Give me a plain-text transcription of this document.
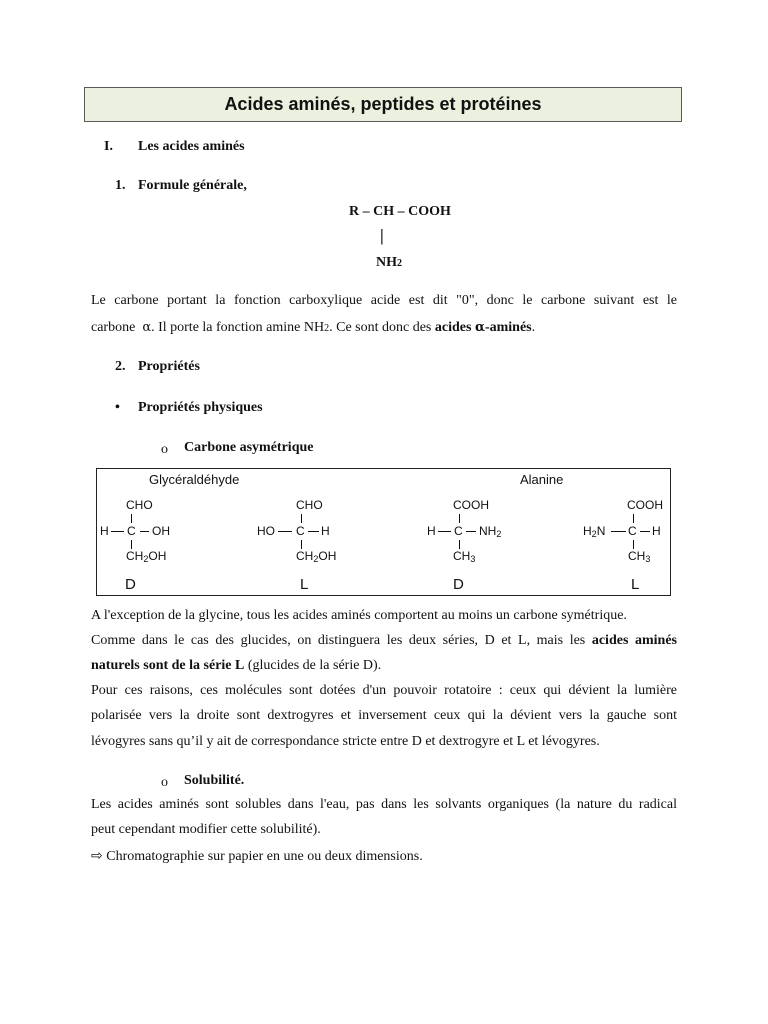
Acides aminés, peptides et protéines
I. Les acides aminés
1. Formule générale,
R – CH – COOH
|
NH2
Le carbone portant la fonction carboxylique acide est dit "0", donc le carbone suivant est le
carbone α. Il porte la fonction amine NH2. Ce sont donc des acides α-aminés.
2. Propriétés
• Propriétés physiques
o Carbone asymétrique
Glycéraldéhyde	Alanine
CHO
H C OH
$CH_2OH$
D
CHO
HO C H
$CH_2OH$
L
COOH
H C $NH_2$
$CH_3$
D
COOH
$H_2N$ C H
$CH_3$
L
A l'exception de la glycine, tous les acides aminés comportent au moins un carbone symétrique.
Comme dans le cas des glucides, on distinguera les deux séries, D et L, mais les acides aminés
naturels sont de la série L (glucides de la série D).
Pour ces raisons, ces molécules sont dotées d'un pouvoir rotatoire : ceux qui dévient la lumière
polarisée vers la droite sont dextrogyres et inversement ceux qui la dévient vers la gauche sont
lévogyres sans qu’il y ait de correspondance stricte entre D et dextrogyre et L et lévogyres.
o Solubilité.
Les acides aminés sont solubles dans l'eau, pas dans les solvants organiques (la nature du radical
peut cependant modifier cette solubilité).
⇨ Chromatographie sur papier en une ou deux dimensions.
